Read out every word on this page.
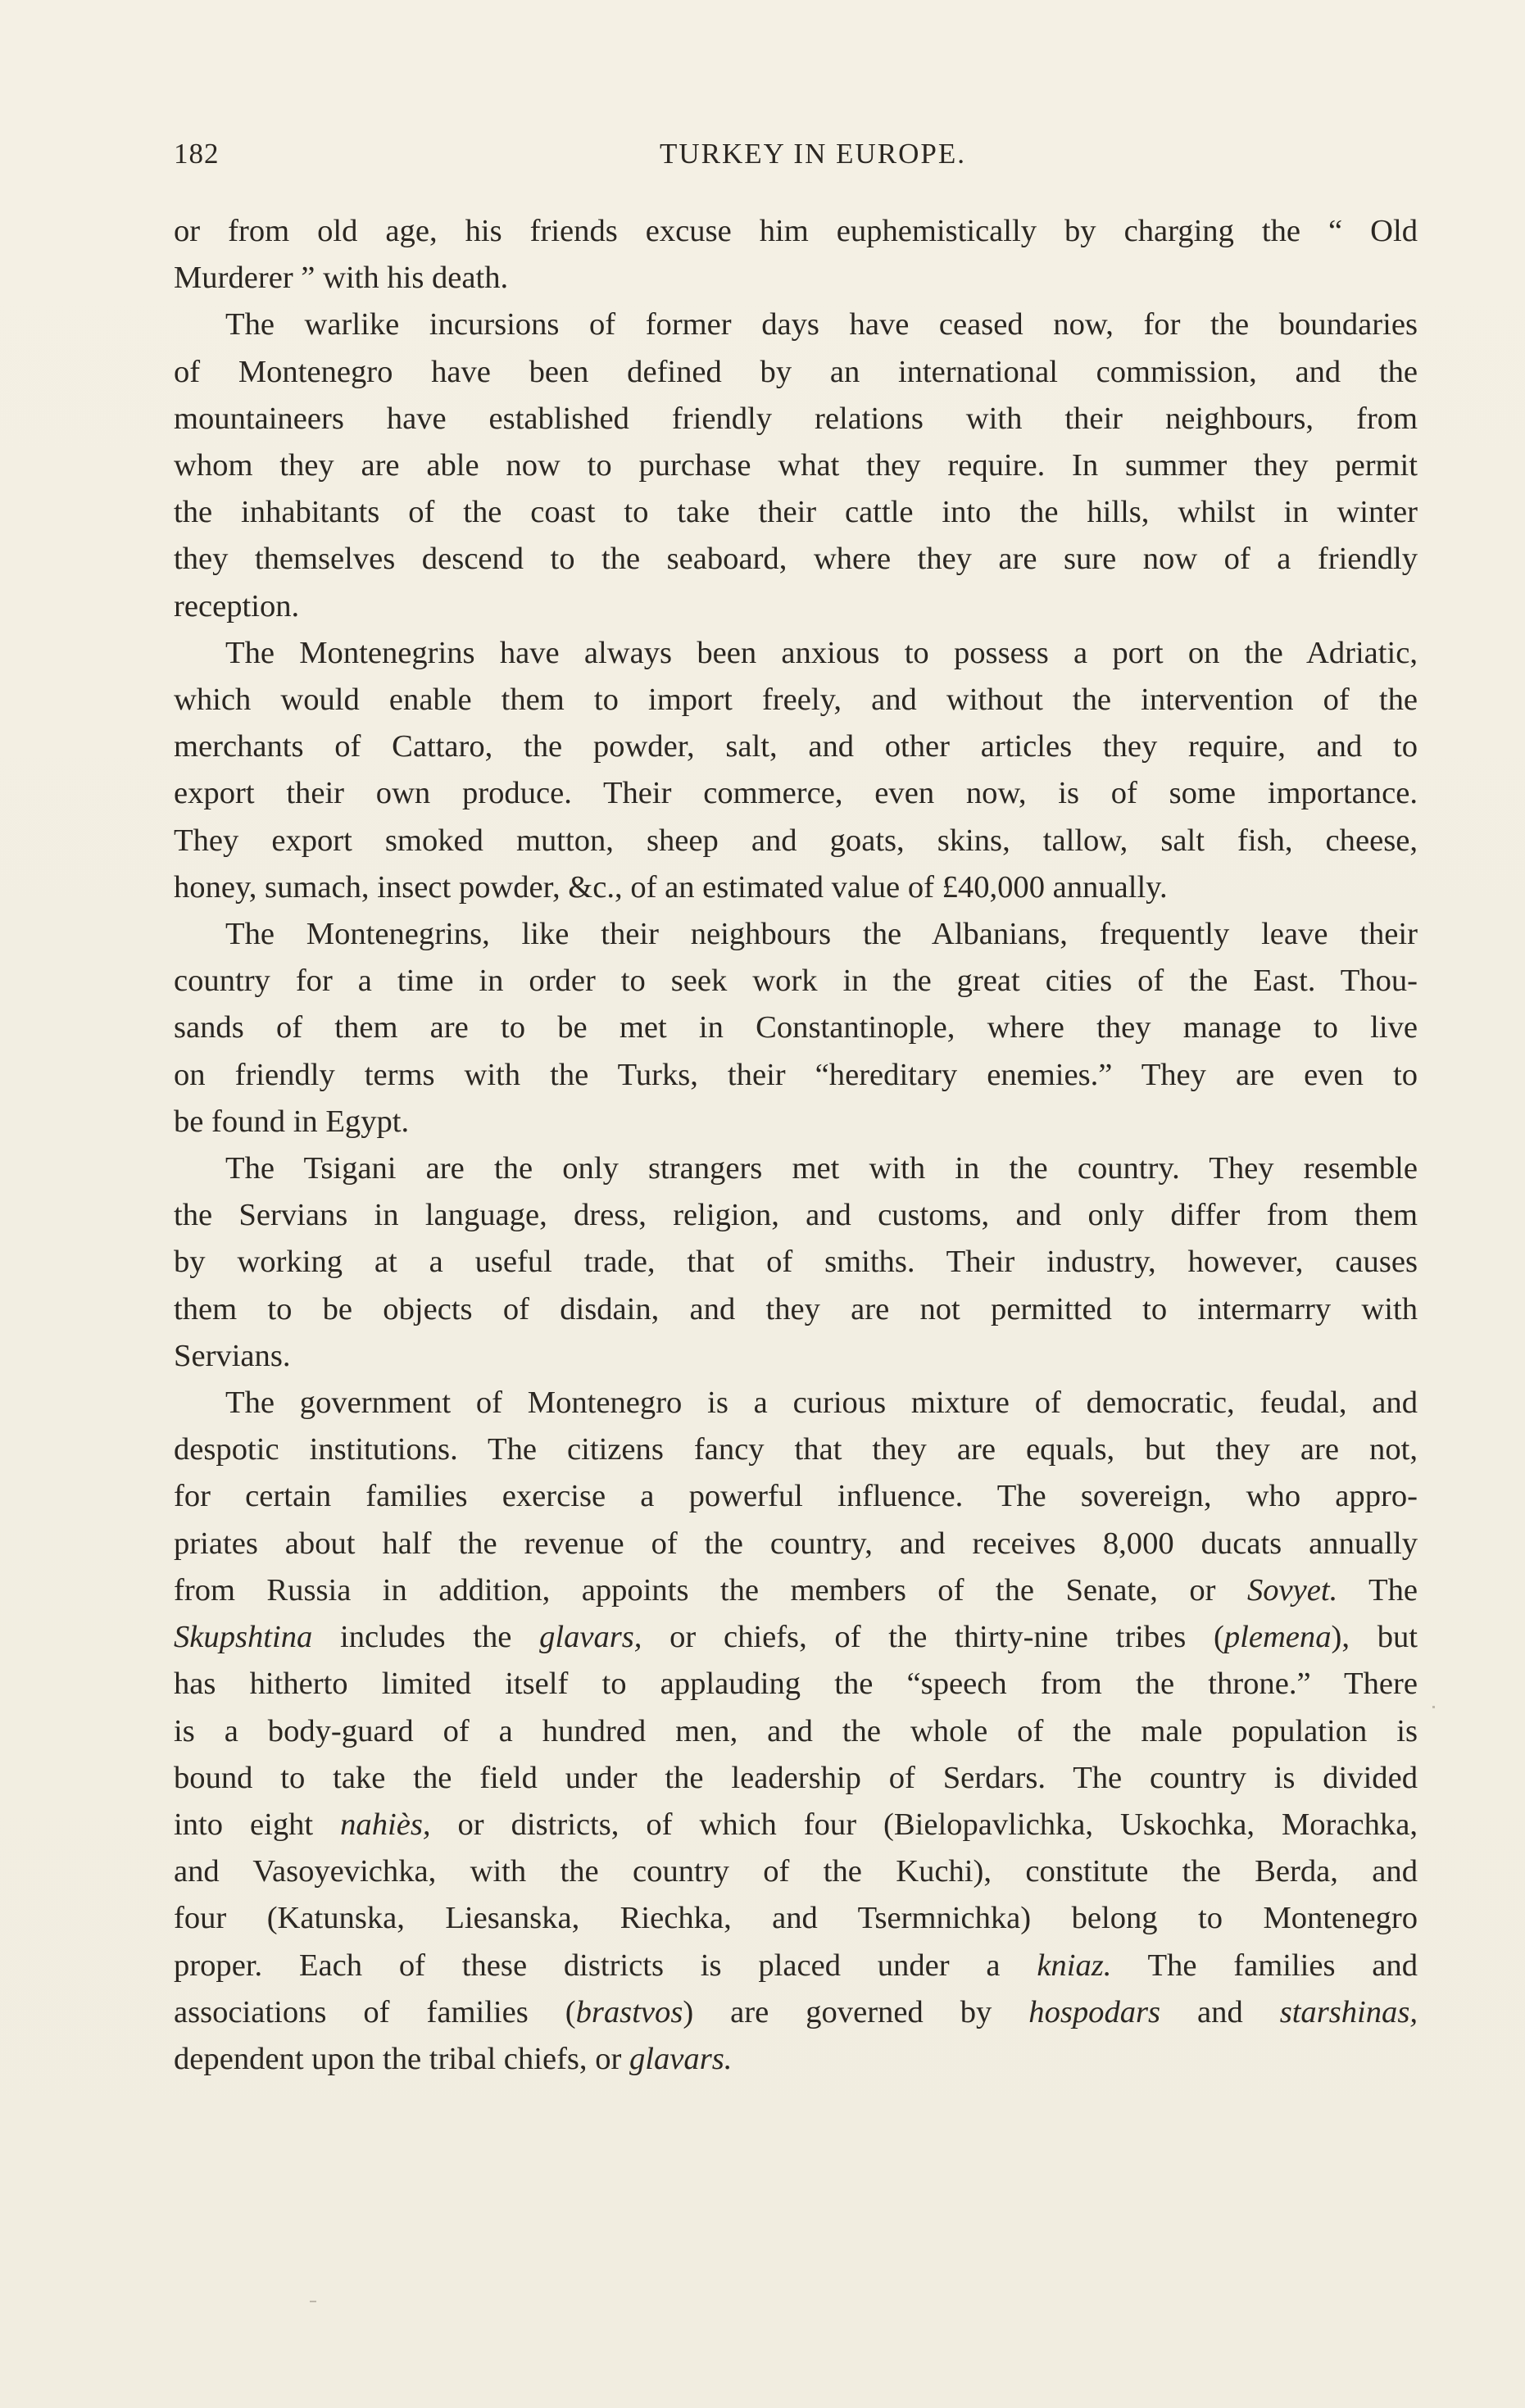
182	TURKEY IN EUROPE.

or from old age, his friends excuse him euphemistically by charging the “ Old
Murderer ” with his death.

The warlike incursions of former days have ceased now, for the boundaries
of Montenegro have been defined by an international commission, and the
mountaineers have established friendly relations with their neighbours, from
whom they are able now to purchase what they require. In summer they permit
the inhabitants of the coast to take their cattle into the hills, whilst in winter
they themselves descend to the seaboard, where they are sure now of a friendly
reception.

The Montenegrins have always been anxious to possess a port on the Adriatic,
which would enable them to import freely, and without the intervention of the
merchants of Cattaro, the powder, salt, and other articles they require, and to
export their own produce. Their commerce, even now, is of some importance.
They export smoked mutton, sheep and goats, skins, tallow, salt fish, cheese,
honey, sumach, insect powder, &c., of an estimated value of £40,000 annually.

The Montenegrins, like their neighbours the Albanians, frequently leave their
country for a time in order to seek work in the great cities of the East. Thou-
sands of them are to be met in Constantinople, where they manage to live
on friendly terms with the Turks, their “hereditary enemies.” They are even to
be found in Egypt.

The Tsigani are the only strangers met with in the country. They resemble
the Servians in language, dress, religion, and customs, and only differ from them
by working at a useful trade, that of smiths. Their industry, however, causes
them to be objects of disdain, and they are not permitted to intermarry with
Servians.

The government of Montenegro is a curious mixture of democratic, feudal, and
despotic institutions. The citizens fancy that they are equals, but they are not,
for certain families exercise a powerful influence. The sovereign, who appro-
priates about half the revenue of the country, and receives 8,000 ducats annually
from Russia in addition, appoints the members of the Senate, or Sovyet. The
Skupshtina includes the glavars, or chiefs, of the thirty-nine tribes (plemena), but
has hitherto limited itself to applauding the “speech from the throne.” There
is a body-guard of a hundred men, and the whole of the male population is
bound to take the field under the leadership of Serdars. The country is divided
into eight nahiès, or districts, of which four (Bielopavlichka, Uskochka, Morachka,
and Vasoyevichka, with the country of the Kuchi), constitute the Berda, and
four (Katunska, Liesanska, Riechka, and Tsermnichka) belong to Montenegro
proper. Each of these districts is placed under a kniaz. The families and
associations of families (brastvos) are governed by hospodars and starshinas,
dependent upon the tribal chiefs, or glavars.
